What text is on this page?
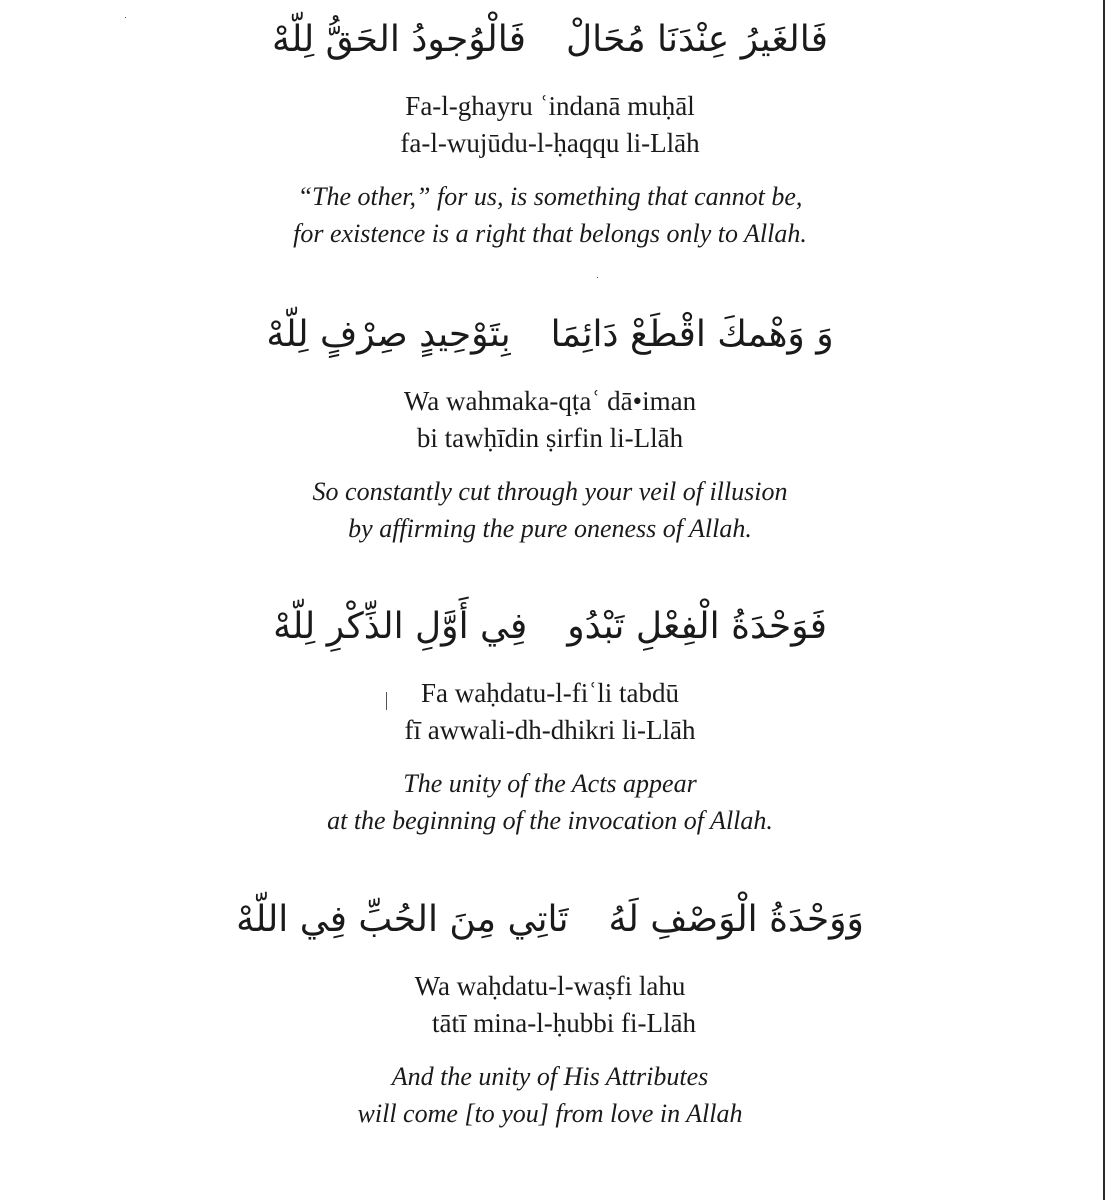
فَالغَيرُ عِنْدَنَا مُحَالْفَالْوُجودُ الحَقُّ لِلّهْ
Fa-l-ghayru ʿindanā muḥāl
fa-l-wujūdu-l-ḥaqqu li-Llāh
“The other,” for us, is something that cannot be,
for existence is a right that belongs only to Allah.
وَ وَهْمكَ اقْطَعْ دَائِمَابِتَوْحِيدٍ صِرْفٍ لِلّهْ
Wa wahmaka-qṭaʿ dā•iman
bi tawḥīdin ṣirfin li-Llāh
So constantly cut through your veil of illusion
by affirming the pure oneness of Allah.
فَوَحْدَةُ الْفِعْلِ تَبْدُوفِي أَوَّلِ الذِّكْرِ لِلّهْ
Fa waḥdatu-l-fiʿli tabdū
fī awwali-dh-dhikri li-Llāh
The unity of the Acts appear
at the beginning of the invocation of Allah.
وَوَحْدَةُ الْوَصْفِ لَهُتَاتِي مِنَ الحُبِّ فِي اللّهْ
Wa waḥdatu-l-waṣfi lahu
tātī mina-l-ḥubbi fi-Llāh
And the unity of His Attributes
will come [to you] from love in Allah
